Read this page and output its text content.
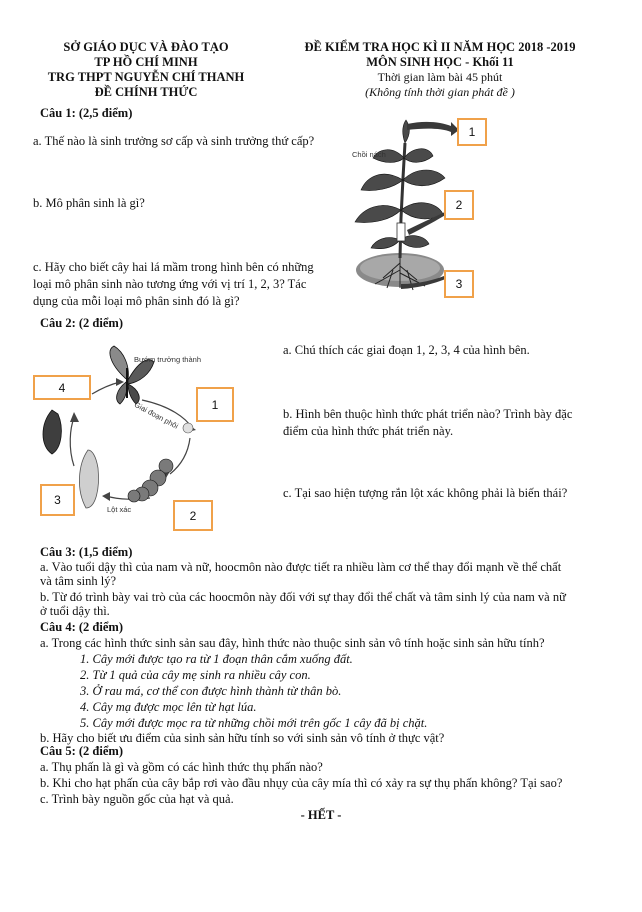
SỞ GIÁO DỤC VÀ ĐÀO TẠO
TP HỒ CHÍ MINH
TRG THPT NGUYỄN CHÍ THANH
ĐỀ CHÍNH THỨC
ĐỀ KIỂM TRA HỌC KÌ II NĂM HỌC 2018 -2019
MÔN SINH HỌC - Khối 11
Thời gian làm bài 45 phút
(Không tính thời gian phát đề )
Câu 1: (2,5 điểm)
a. Thế nào là sinh trưởng sơ cấp và sinh trưởng thứ cấp?
b. Mô phân sinh là gì?
c. Hãy cho biết cây hai lá mầm trong hình bên có những
loại mô phân sinh nào tương ứng với vị trí 1, 2, 3? Tác
dụng của mỗi loại mô phân sinh đó là gì?
Chồi nách
1
2
3
Câu 2: (2 điểm)
a. Chú thích các giai đoạn 1, 2, 3, 4 của hình bên.
b. Hình bên thuộc hình thức phát triển nào? Trình bày đặc
điểm của hình thức phát triển này.
c. Tại sao hiện tượng rắn lột xác không phải là biến thái?
Bướm trưởng thành
Giai đoạn phôi
Lột xác
1
2
3
4
Câu 3: (1,5 điểm)
a. Vào tuổi dậy thì của nam và nữ, hoocmôn nào được tiết ra nhiều làm cơ thể thay đổi mạnh về thể chất
và tâm sinh lý?
b. Từ đó trình bày vai trò của các hoocmôn này đối với sự thay đổi thể chất và tâm sinh lý của nam và nữ
ở tuổi dậy thì.
Câu 4: (2 điểm)
a. Trong các hình thức sinh sản sau đây, hình thức nào thuộc sinh sản vô tính hoặc sinh sản hữu tính?
1. Cây mới được tạo ra từ 1 đoạn thân cắm xuống đất.
2. Từ 1 quả của cây mẹ sinh ra nhiều cây con.
3. Ở rau má, cơ thể con được hình thành từ thân bò.
4. Cây mạ được mọc lên từ hạt lúa.
5. Cây mới được mọc ra từ những chồi mới trên gốc 1 cây đã bị chặt.
b. Hãy cho biết ưu điểm của sinh sản hữu tính so với sinh sản vô tính ở thực vật?
Câu 5: (2 điểm)
a. Thụ phấn là gì và gồm có các hình thức thụ phấn nào?
b. Khi cho hạt phấn của cây bắp rơi vào đầu nhụy của cây mía thì có xảy ra sự thụ phấn không? Tại sao?
c. Trình bày nguồn gốc của hạt và quả.
- HẾT -
